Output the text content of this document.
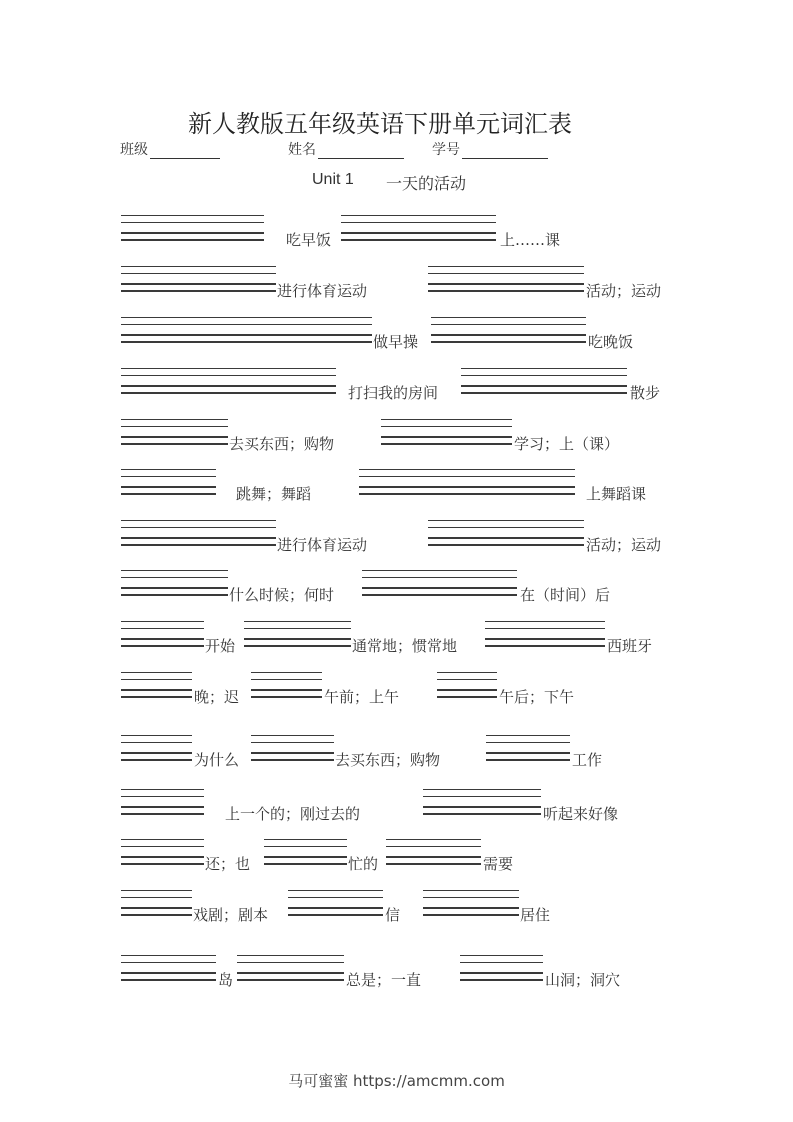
新人教版五年级英语下册单元词汇表
班级	姓名	学号
Unit 1 一天的活动
吃早饭	上……课
进行体育运动	活动；运动
做早操	吃晚饭
打扫我的房间	散步
去买东西；购物	学习；上（课）
跳舞；舞蹈	上舞蹈课
进行体育运动	活动；运动
什么时候；何时	在（时间）后
开始	通常地；惯常地	西班牙
晚；迟	午前；上午	午后；下午
为什么	去买东西；购物	工作
上一个的；刚过去的	听起来好像
还；也	忙的	需要
戏剧；剧本	信	居住
岛	总是；一直	山洞；洞穴
马可蜜蜜 https://amcmm.com
